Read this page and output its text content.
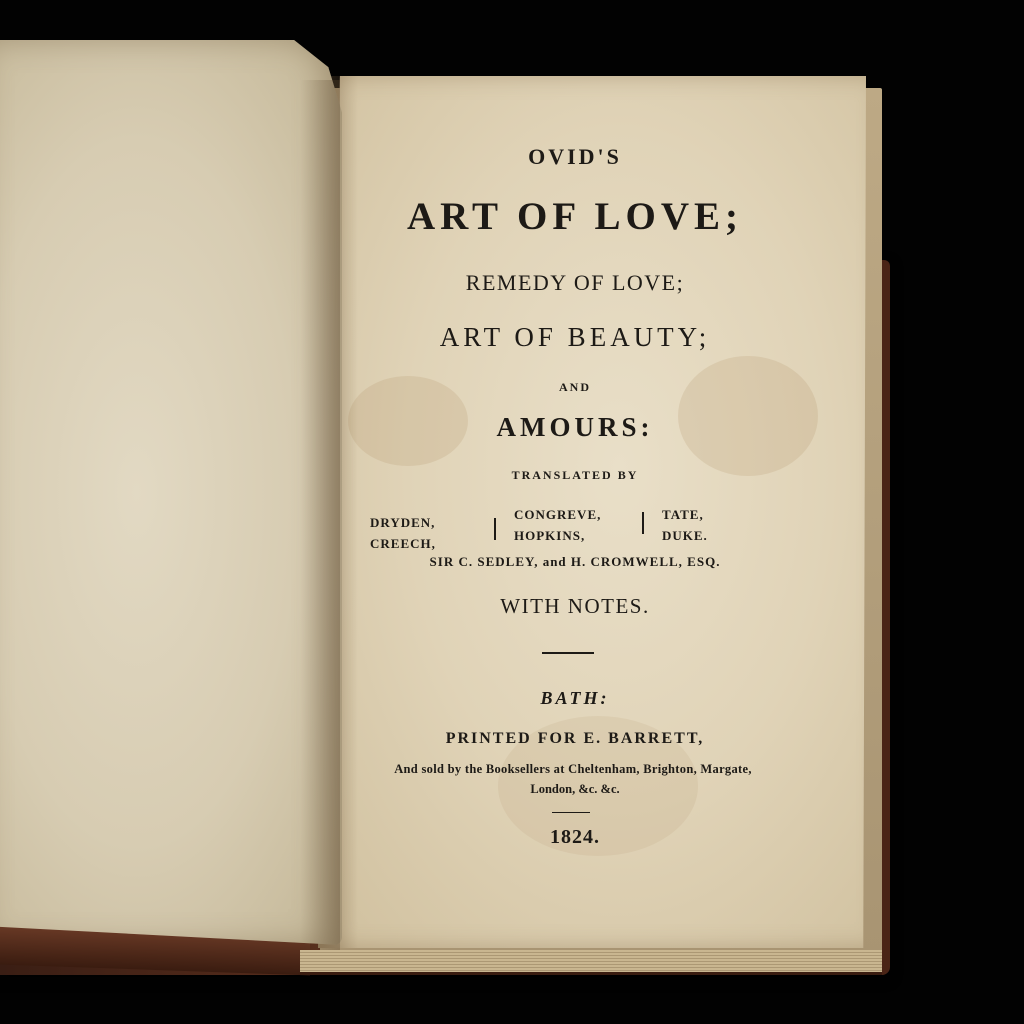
OVID'S
ART OF LOVE;
REMEDY OF LOVE;
ART OF BEAUTY;
AND
AMOURS:
TRANSLATED BY
DRYDEN,
CREECH,
CONGREVE,
HOPKINS,
TATE,
DUKE.
SIR C. SEDLEY, and H. CROMWELL, ESQ.
WITH NOTES.
BATH:
PRINTED FOR E. BARRETT,
And sold by the Booksellers at Cheltenham, Brighton, Margate,
London, &c. &c.
1824.
